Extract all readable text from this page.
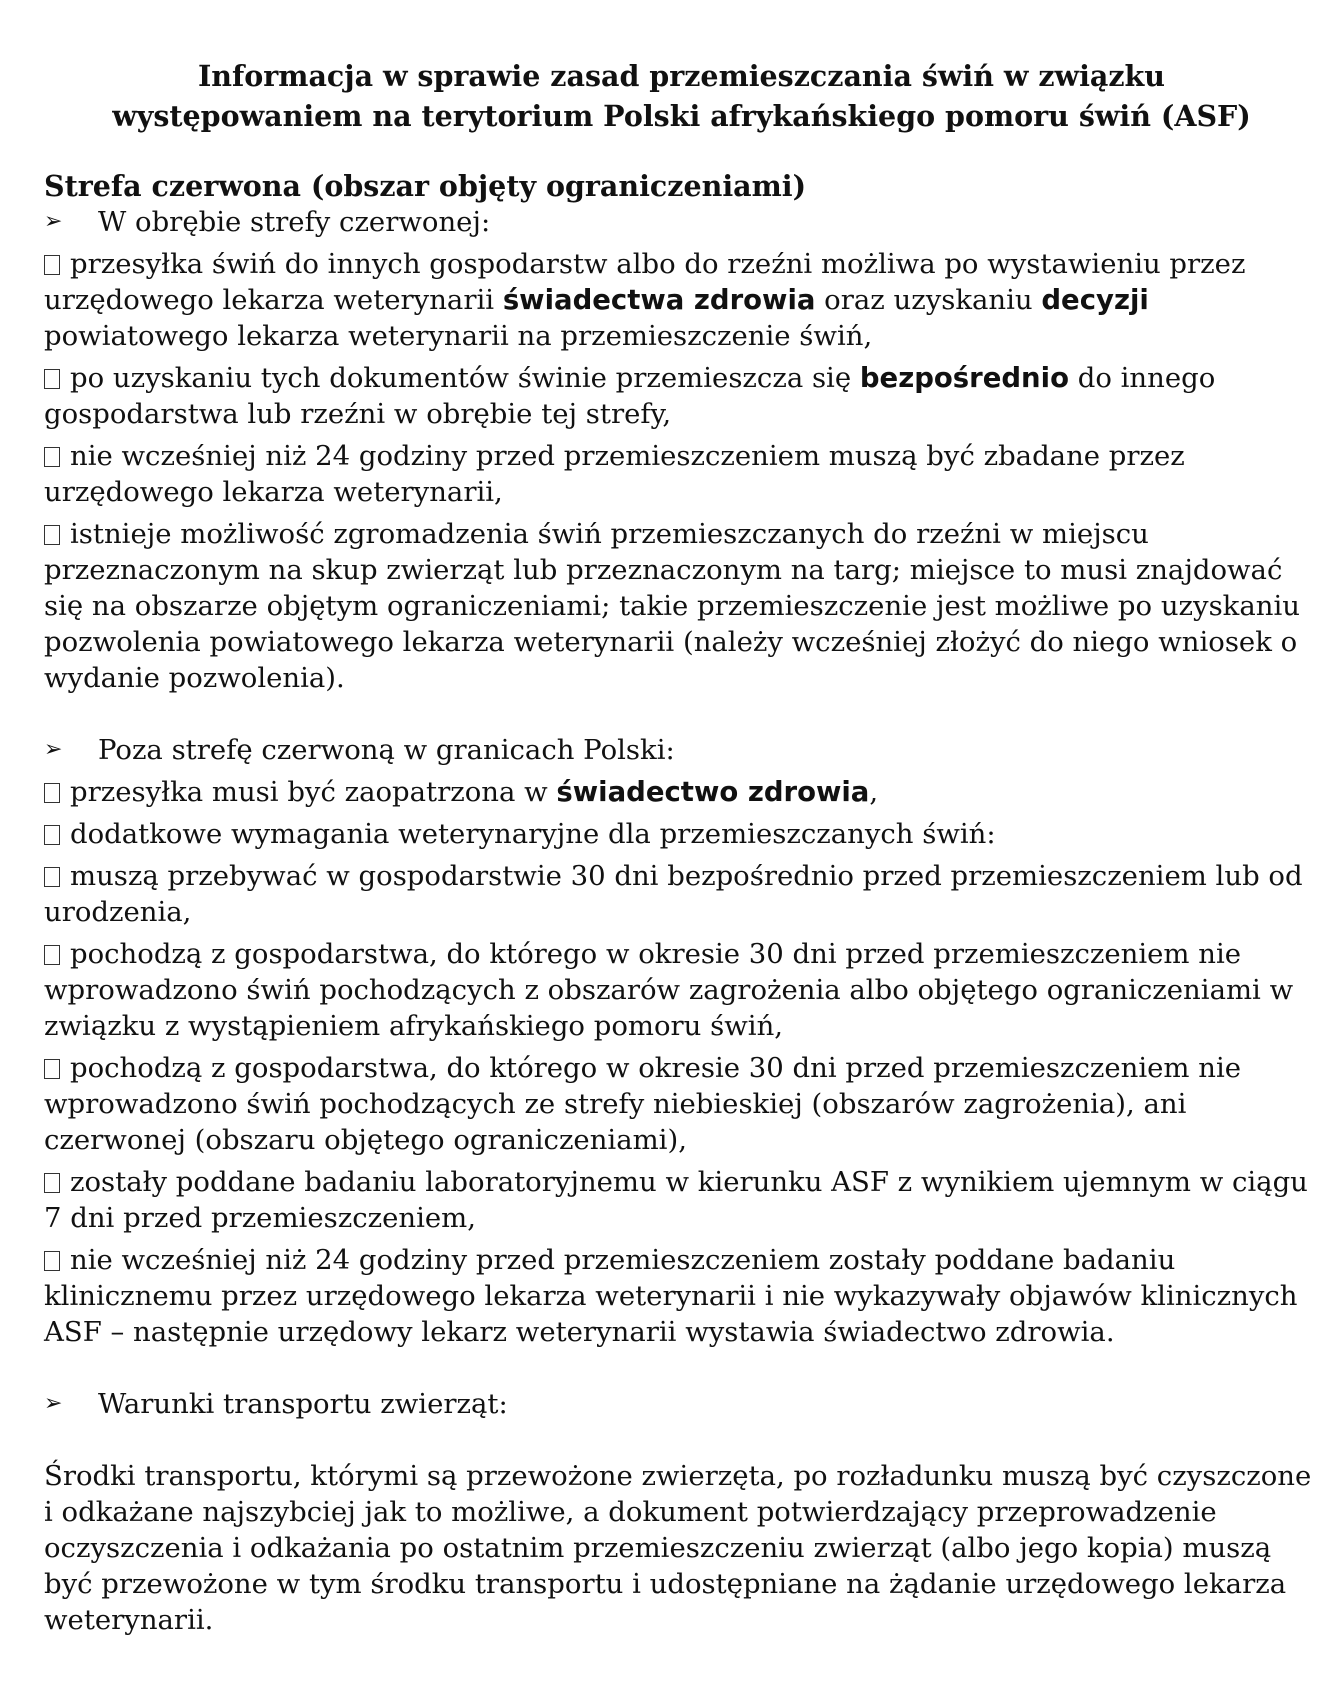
Informacja w sprawie zasad przemieszczania świń w związku
występowaniem na terytorium Polski afrykańskiego pomoru świń (ASF)
Strefa czerwona (obszar objęty ograniczeniami)
➢	W obrębie strefy czerwonej:

przesyłka świń do innych gospodarstw albo do rzeźni możliwa po wystawieniu przez urzędowego lekarza weterynarii świadectwa zdrowia oraz uzyskaniu decyzji powiatowego lekarza weterynarii na przemieszczenie świń,

po uzyskaniu tych dokumentów świnie przemieszcza się bezpośrednio do innego gospodarstwa lub rzeźni w obrębie tej strefy,

nie wcześniej niż 24 godziny przed przemieszczeniem muszą być zbadane przez urzędowego lekarza weterynarii,

istnieje możliwość zgromadzenia świń przemieszczanych do rzeźni w miejscu przeznaczonym na skup zwierząt lub przeznaczonym na targ; miejsce to musi znajdować się na obszarze objętym ograniczeniami; takie przemieszczenie jest możliwe po uzyskaniu pozwolenia powiatowego lekarza weterynarii (należy wcześniej złożyć do niego wniosek o wydanie pozwolenia).

➢	Poza strefę czerwoną w granicach Polski:

przesyłka musi być zaopatrzona w świadectwo zdrowia,

dodatkowe wymagania weterynaryjne dla przemieszczanych świń:

muszą przebywać w gospodarstwie 30 dni bezpośrednio przed przemieszczeniem lub od urodzenia,

pochodzą z gospodarstwa, do którego w okresie 30 dni przed przemieszczeniem nie wprowadzono świń pochodzących z obszarów zagrożenia albo objętego ograniczeniami w związku z wystąpieniem afrykańskiego pomoru świń,

pochodzą z gospodarstwa, do którego w okresie 30 dni przed przemieszczeniem nie wprowadzono świń pochodzących ze strefy niebieskiej (obszarów zagrożenia), ani czerwonej (obszaru objętego ograniczeniami),

zostały poddane badaniu laboratoryjnemu w kierunku ASF z wynikiem ujemnym w ciągu 7 dni przed przemieszczeniem,

nie wcześniej niż 24 godziny przed przemieszczeniem zostały poddane badaniu klinicznemu przez urzędowego lekarza weterynarii i nie wykazywały objawów klinicznych ASF – następnie urzędowy lekarz weterynarii wystawia świadectwo zdrowia.

➢	Warunki transportu zwierząt:

Środki transportu, którymi są przewożone zwierzęta, po rozładunku muszą być czyszczone i odkażane najszybciej jak to możliwe, a dokument potwierdzający przeprowadzenie oczyszczenia i odkażania po ostatnim przemieszczeniu zwierząt (albo jego kopia) muszą być przewożone w tym środku transportu i udostępniane na żądanie urzędowego lekarza weterynarii.
